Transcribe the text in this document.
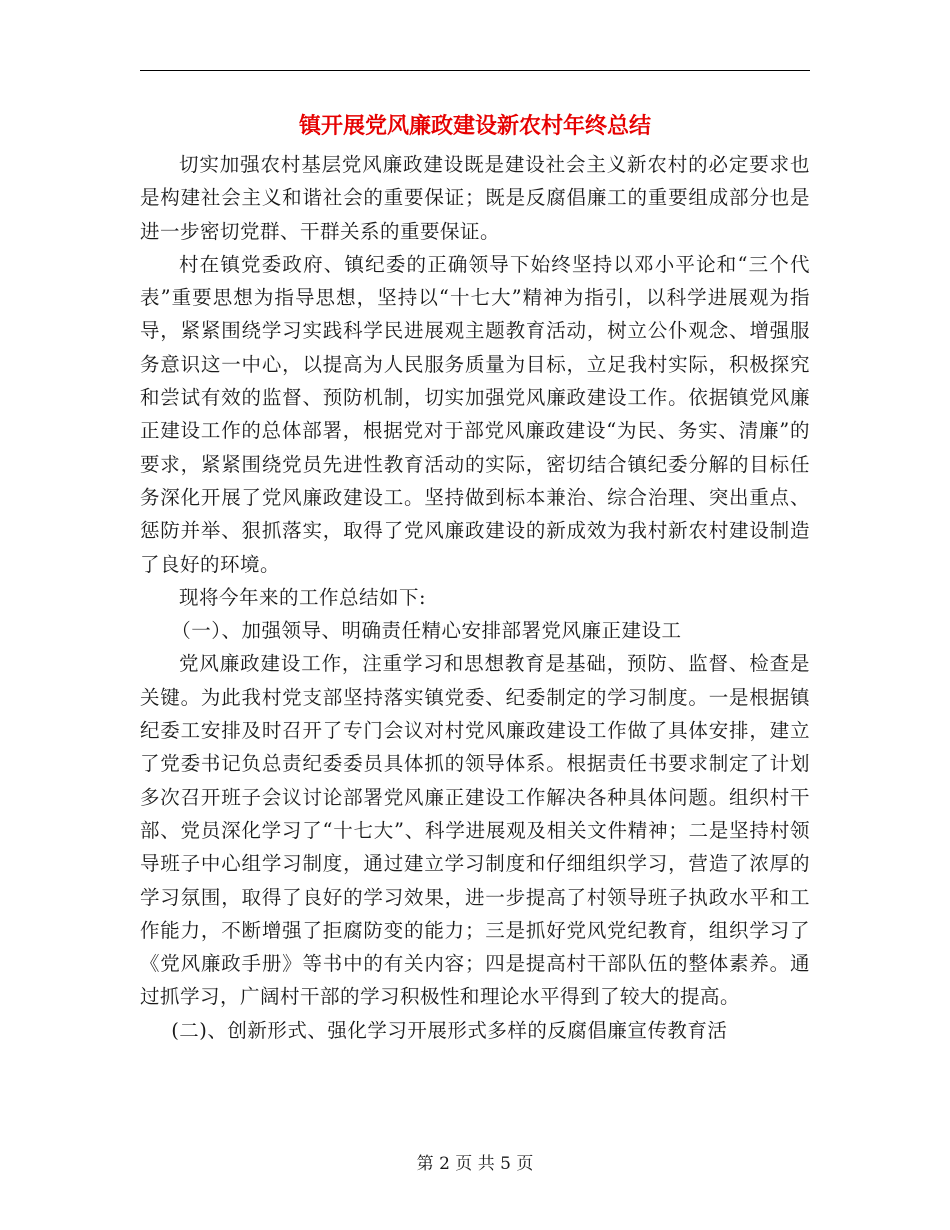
镇开展党风廉政建设新农村年终总结

切实加强农村基层党风廉政建设既是建设社会主义新农村的必定要求也是构建社会主义和谐社会的重要保证；既是反腐倡廉工的重要组成部分也是进一步密切党群、干群关系的重要保证。

村在镇党委政府、镇纪委的正确领导下始终坚持以邓小平论和“三个代表”重要思想为指导思想，坚持以“十七大”精神为指引，以科学进展观为指导，紧紧围绕学习实践科学民进展观主题教育活动，树立公仆观念、增强服务意识这一中心，以提高为人民服务质量为目标，立足我村实际，积极探究和尝试有效的监督、预防机制，切实加强党风廉政建设工作。依据镇党风廉正建设工作的总体部署，根据党对于部党风廉政建设“为民、务实、清廉”的要求，紧紧围绕党员先进性教育活动的实际，密切结合镇纪委分解的目标任务深化开展了党风廉政建设工。坚持做到标本兼治、综合治理、突出重点、惩防并举、狠抓落实，取得了党风廉政建设的新成效为我村新农村建设制造了良好的环境。

现将今年来的工作总结如下:

（一）、加强领导、明确责任精心安排部署党风廉正建设工

党风廉政建设工作，注重学习和思想教育是基础，预防、监督、检查是关键。为此我村党支部坚持落实镇党委、纪委制定的学习制度。一是根据镇纪委工安排及时召开了专门会议对村党风廉政建设工作做了具体安排，建立了党委书记负总责纪委委员具体抓的领导体系。根据责任书要求制定了计划多次召开班子会议讨论部署党风廉正建设工作解决各种具体问题。组织村干部、党员深化学习了“十七大”、科学进展观及相关文件精神；二是坚持村领导班子中心组学习制度，通过建立学习制度和仔细组织学习，营造了浓厚的学习氛围，取得了良好的学习效果，进一步提高了村领导班子执政水平和工作能力，不断增强了拒腐防变的能力；三是抓好党风党纪教育，组织学习了《党风廉政手册》等书中的有关内容；四是提高村干部队伍的整体素养。通过抓学习，广阔村干部的学习积极性和理论水平得到了较大的提高。

(二)、创新形式、强化学习开展形式多样的反腐倡廉宣传教育活

第 2 页 共 5 页
